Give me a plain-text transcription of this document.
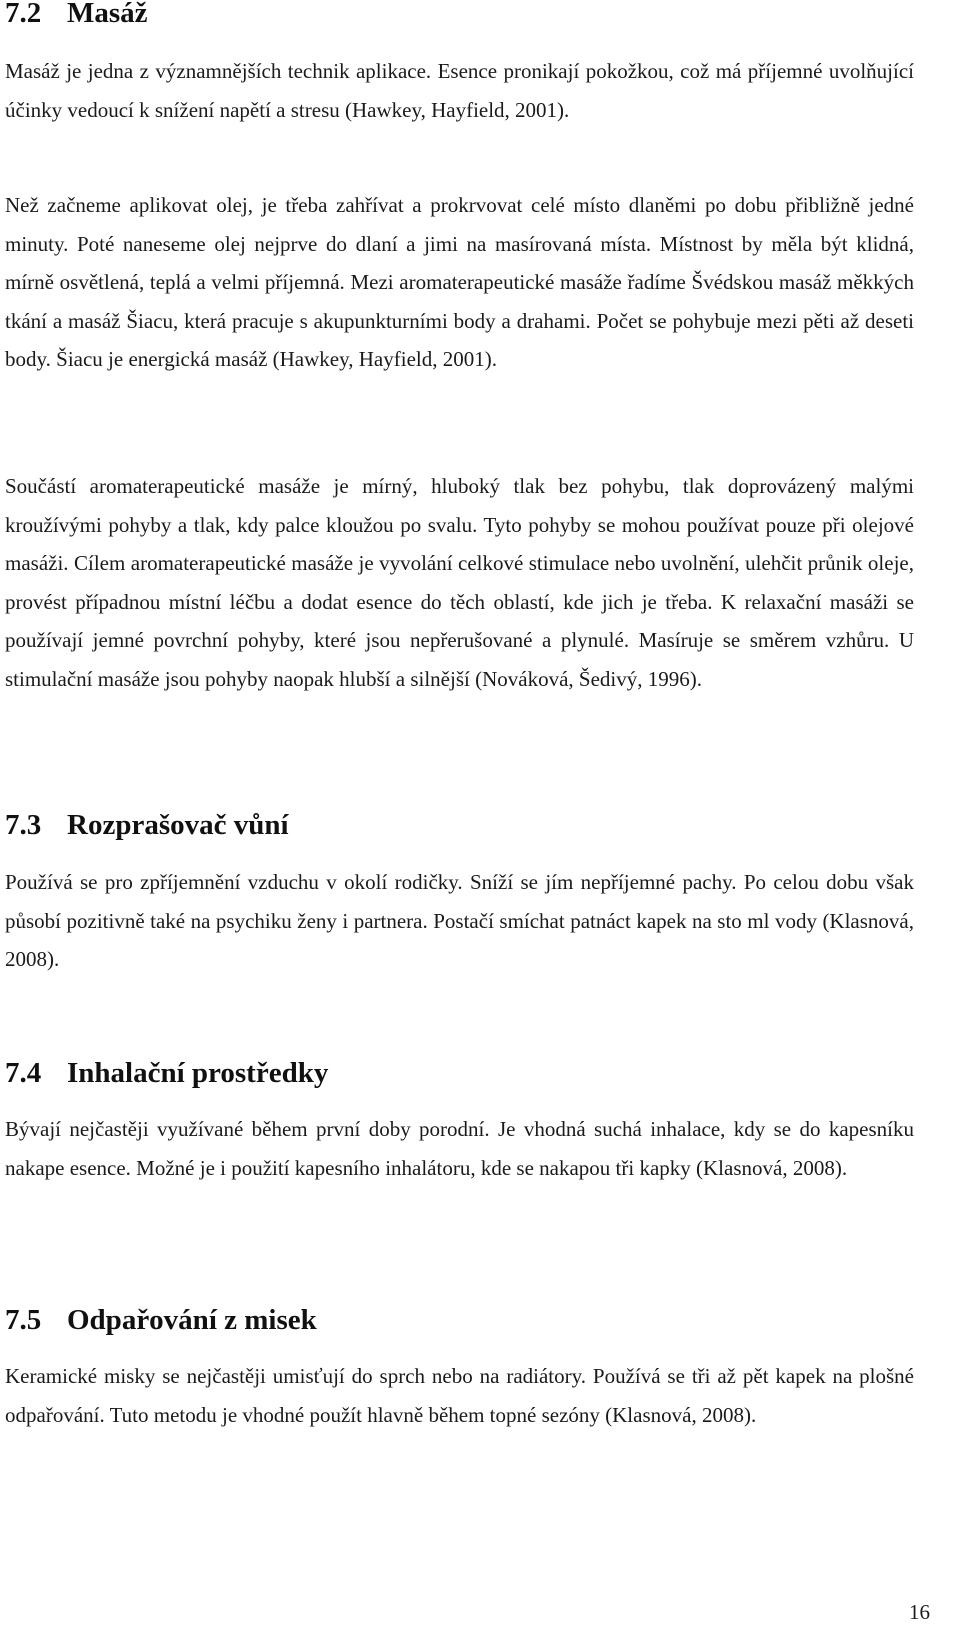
7.2 Masáž

Masáž je jedna z významnějších technik aplikace. Esence pronikají pokožkou, což má příjemné uvolňující účinky vedoucí k snížení napětí a stresu (Hawkey, Hayfield, 2001).

Než začneme aplikovat olej, je třeba zahřívat a prokrvovat celé místo dlaněmi po dobu přibližně jedné minuty. Poté naneseme olej nejprve do dlaní a jimi na masírovaná místa. Místnost by měla být klidná, mírně osvětlená, teplá a velmi příjemná. Mezi aromaterapeutické masáže řadíme Švédskou masáž měkkých tkání a masáž Šiacu, která pracuje s akupunkturními body a drahami. Počet se pohybuje mezi pěti až deseti body. Šiacu je energická masáž (Hawkey, Hayfield, 2001).

Součástí aromaterapeutické masáže je mírný, hluboký tlak bez pohybu, tlak doprovázený malými kroužívými pohyby a tlak, kdy palce kloužou po svalu. Tyto pohyby se mohou používat pouze při olejové masáži. Cílem aromaterapeutické masáže je vyvolání celkové stimulace nebo uvolnění, ulehčit průnik oleje, provést případnou místní léčbu a dodat esence do těch oblastí, kde jich je třeba. K relaxační masáži se používají jemné povrchní pohyby, které jsou nepřerušované a plynulé. Masíruje se směrem vzhůru. U stimulační masáže jsou pohyby naopak hlubší a silnější (Nováková, Šedivý, 1996).

7.3 Rozprašovač vůní

Používá se pro zpříjemnění vzduchu v okolí rodičky. Sníží se jím nepříjemné pachy. Po celou dobu však působí pozitivně také na psychiku ženy i partnera. Postačí smíchat patnáct kapek na sto ml vody (Klasnová, 2008).

7.4 Inhalační prostředky

Bývají nejčastěji využívané během první doby porodní. Je vhodná suchá inhalace, kdy se do kapesníku nakape esence. Možné je i použití kapesního inhalátoru, kde se nakapou tři kapky (Klasnová, 2008).

7.5 Odpařování z misek

Keramické misky se nejčastěji umisťují do sprch nebo na radiátory. Používá se tři až pět kapek na plošné odpařování. Tuto metodu je vhodné použít hlavně během topné sezóny (Klasnová, 2008).

16
